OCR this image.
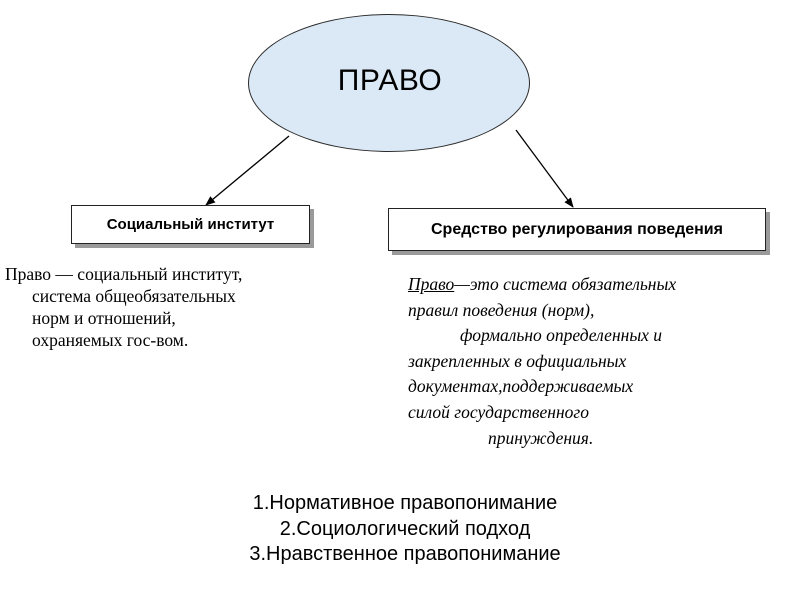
ПРАВО
Социальный институт	Средство регулирования поведения
Право — социальный институт,
система общеобязательных
норм и отношений,
охраняемых гос-вом.
Право—это система обязательных
правил поведения (норм),
формально определенных и
закрепленных в официальных
документах,поддерживаемых
силой государственного
принуждения.
1.Нормативное правопонимание
2.Социологический подход
3.Нравственное правопонимание
